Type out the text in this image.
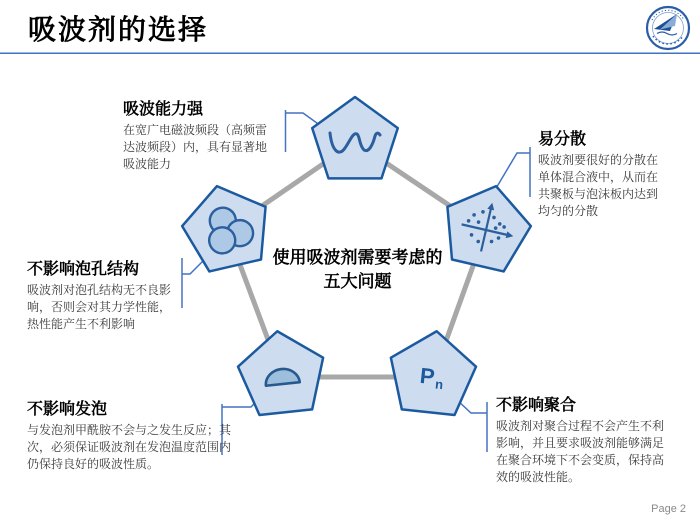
吸波剂的选择
P
n
使用吸波剂需要考虑的
五大问题
吸波能力强

在宽广电磁波频段（高频雷达波频段）内，具有显著地吸波能力

易分散

吸波剂要很好的分散在单体混合液中，从而在共聚板与泡沫板内达到均匀的分散

不影响泡孔结构

吸波剂对泡孔结构无不良影响，否则会对其力学性能，热性能产生不利影响

不影响发泡

与发泡剂甲酰胺不会与之发生反应；其次，必须保证吸波剂在发泡温度范围内仍保持良好的吸波性质。

不影响聚合

吸波剂对聚合过程不会产生不利影响，并且要求吸波剂能够满足在聚合环境下不会变质，保持高效的吸波性能。

Page 2
